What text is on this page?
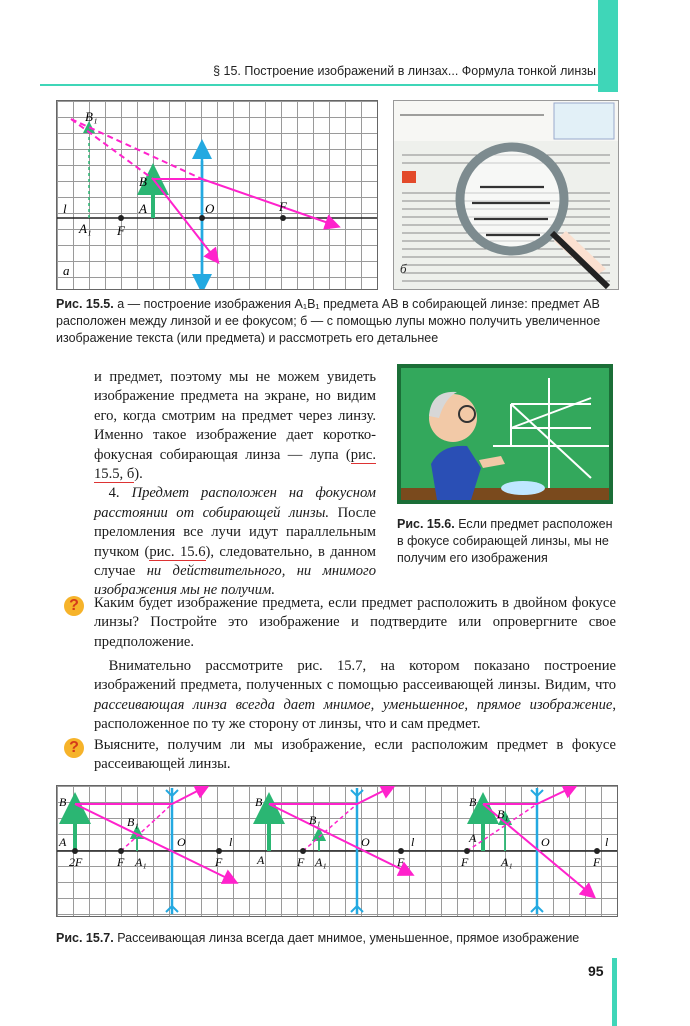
§ 15. Построение изображений в линзах... Формула тонкой линзы
B₁
B
A
A₁ F
F
O
l
а	б
Рис. 15.5. а — построение изображения A₁B₁ предмета AB в собирающей линзе: предмет AB расположен между линзой и ее фокусом; б — с помощью лупы можно получить увеличенное изображение текста (или предмета) и рассмотреть его детальнее
и предмет, поэтому мы не можем увидеть изображение предмета на экране, но видим его, когда смотрим на предмет через линзу. Именно такое изображение дает короткофокусная собирающая линза — лупа (рис. 15.5, б).
 4. Предмет расположен на фокусном расстоянии от собирающей линзы. После преломления все лучи идут параллельным пучком (рис. 15.6), следовательно, в данном случае ни действительного, ни мнимого изображения мы не получим.
Рис. 15.6. Если предмет расположен в фокусе собирающей линзы, мы не получим его изображения
?	Каким будет изображение предмета, если предмет расположить в двойном фокусе линзы? Постройте это изображение и подтвердите или опровергните свое предположение.
 Внимательно рассмотрите рис. 15.7, на котором показано построение изображений предмета, полученных с помощью рассеивающей линзы. Видим, что рассеивающая линза всегда дает мнимое, уменьшенное, прямое изображение, расположенное по ту же сторону от линзы, что и сам предмет.
?	Выясните, получим ли мы изображение, если расположим предмет в фокусе рассеивающей линзы.
B
B₁
A
2F	F A₁
O	l
F
B
B₁
A	F A₁
O	l
F
B
B₁
A
F	A₁
O	l
F
Рис. 15.7. Рассеивающая линза всегда дает мнимое, уменьшенное, прямое изображение
95
